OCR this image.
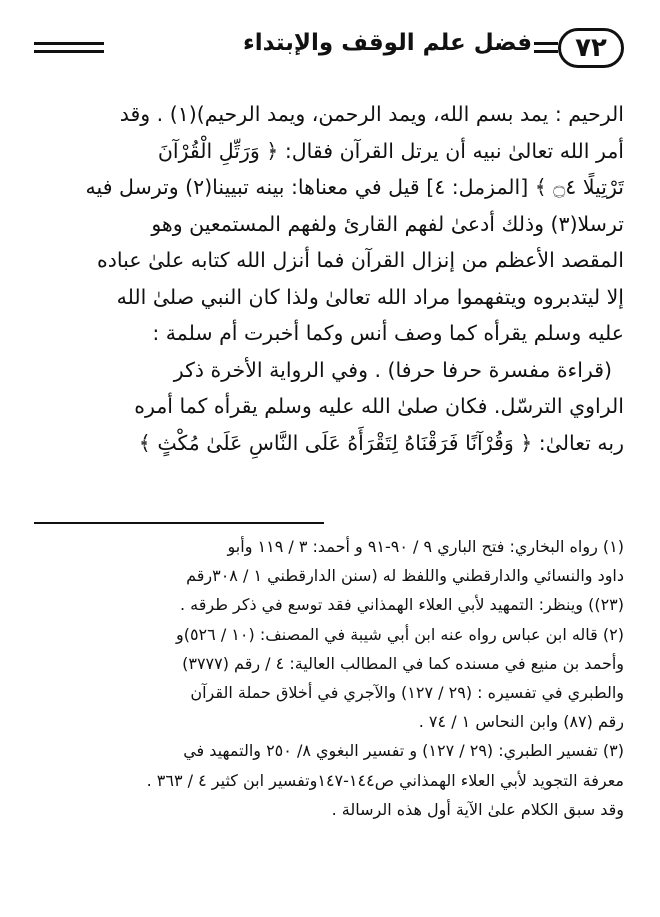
٧٢
فضل علم الوقف والإبتداء
الرحيم : يمد بسم الله، ويمد الرحمن، ويمد الرحيم)(١) . وقد
أمر الله تعالىٰ نبيه أن يرتل القرآن فقال: ﴿ وَرَتِّلِ الْقُرْآنَ
تَرْتِيلًا ۝٤ ﴾ [المزمل: ٤] قيل في معناها: بينه تبيينا(٢) وترسل فيه
ترسلا(٣) وذلك أدعىٰ لفهم القارئ ولفهم المستمعين وهو
المقصد الأعظم من إنزال القرآن فما أنزل الله كتابه علىٰ عباده
إلا ليتدبروه ويتفهموا مراد الله تعالىٰ ولذا كان النبي صلىٰ الله
عليه وسلم يقرأه كما وصف أنس وكما أخبرت أم سلمة :
(قراءة مفسرة حرفا حرفا) . وفي الرواية الأخرة ذكر
الراوي الترسّل. فكان صلىٰ الله عليه وسلم يقرأه كما أمره
ربه تعالىٰ: ﴿ وَقُرْآنًا فَرَقْنَاهُ لِتَقْرَأَهُ عَلَى النَّاسِ عَلَىٰ مُكْثٍ ﴾
(١) رواه البخاري: فتح الباري ٩ / ٩٠-٩١ و أحمد: ٣ / ١١٩ وأبو
داود والنسائي والدارقطني واللفظ له (سنن الدارقطني ١ / ٣٠٨رقم
(٢٣)) وينظر: التمهيد لأبي العلاء الهمذاني فقد توسع في ذكر طرقه .
(٢) قاله ابن عباس رواه عنه ابن أبي شيبة في المصنف: (١٠ / ٥٢٦)و
وأحمد بن منيع في مسنده كما في المطالب العالية: ٤ / رقم (٣٧٧٧)
والطبري في تفسيره : (٢٩ / ١٢٧) والآجري في أخلاق حملة القرآن
رقم (٨٧) وابن النحاس ١ / ٧٤ .
(٣) تفسير الطبري: (٢٩ / ١٢٧) و تفسير البغوي ٨/ ٢٥٠ والتمهيد في
معرفة التجويد لأبي العلاء الهمذاني ص١٤٤-١٤٧وتفسير ابن كثير ٤ / ٣٦٣ .
وقد سبق الكلام علىٰ الآية أول هذه الرسالة .
